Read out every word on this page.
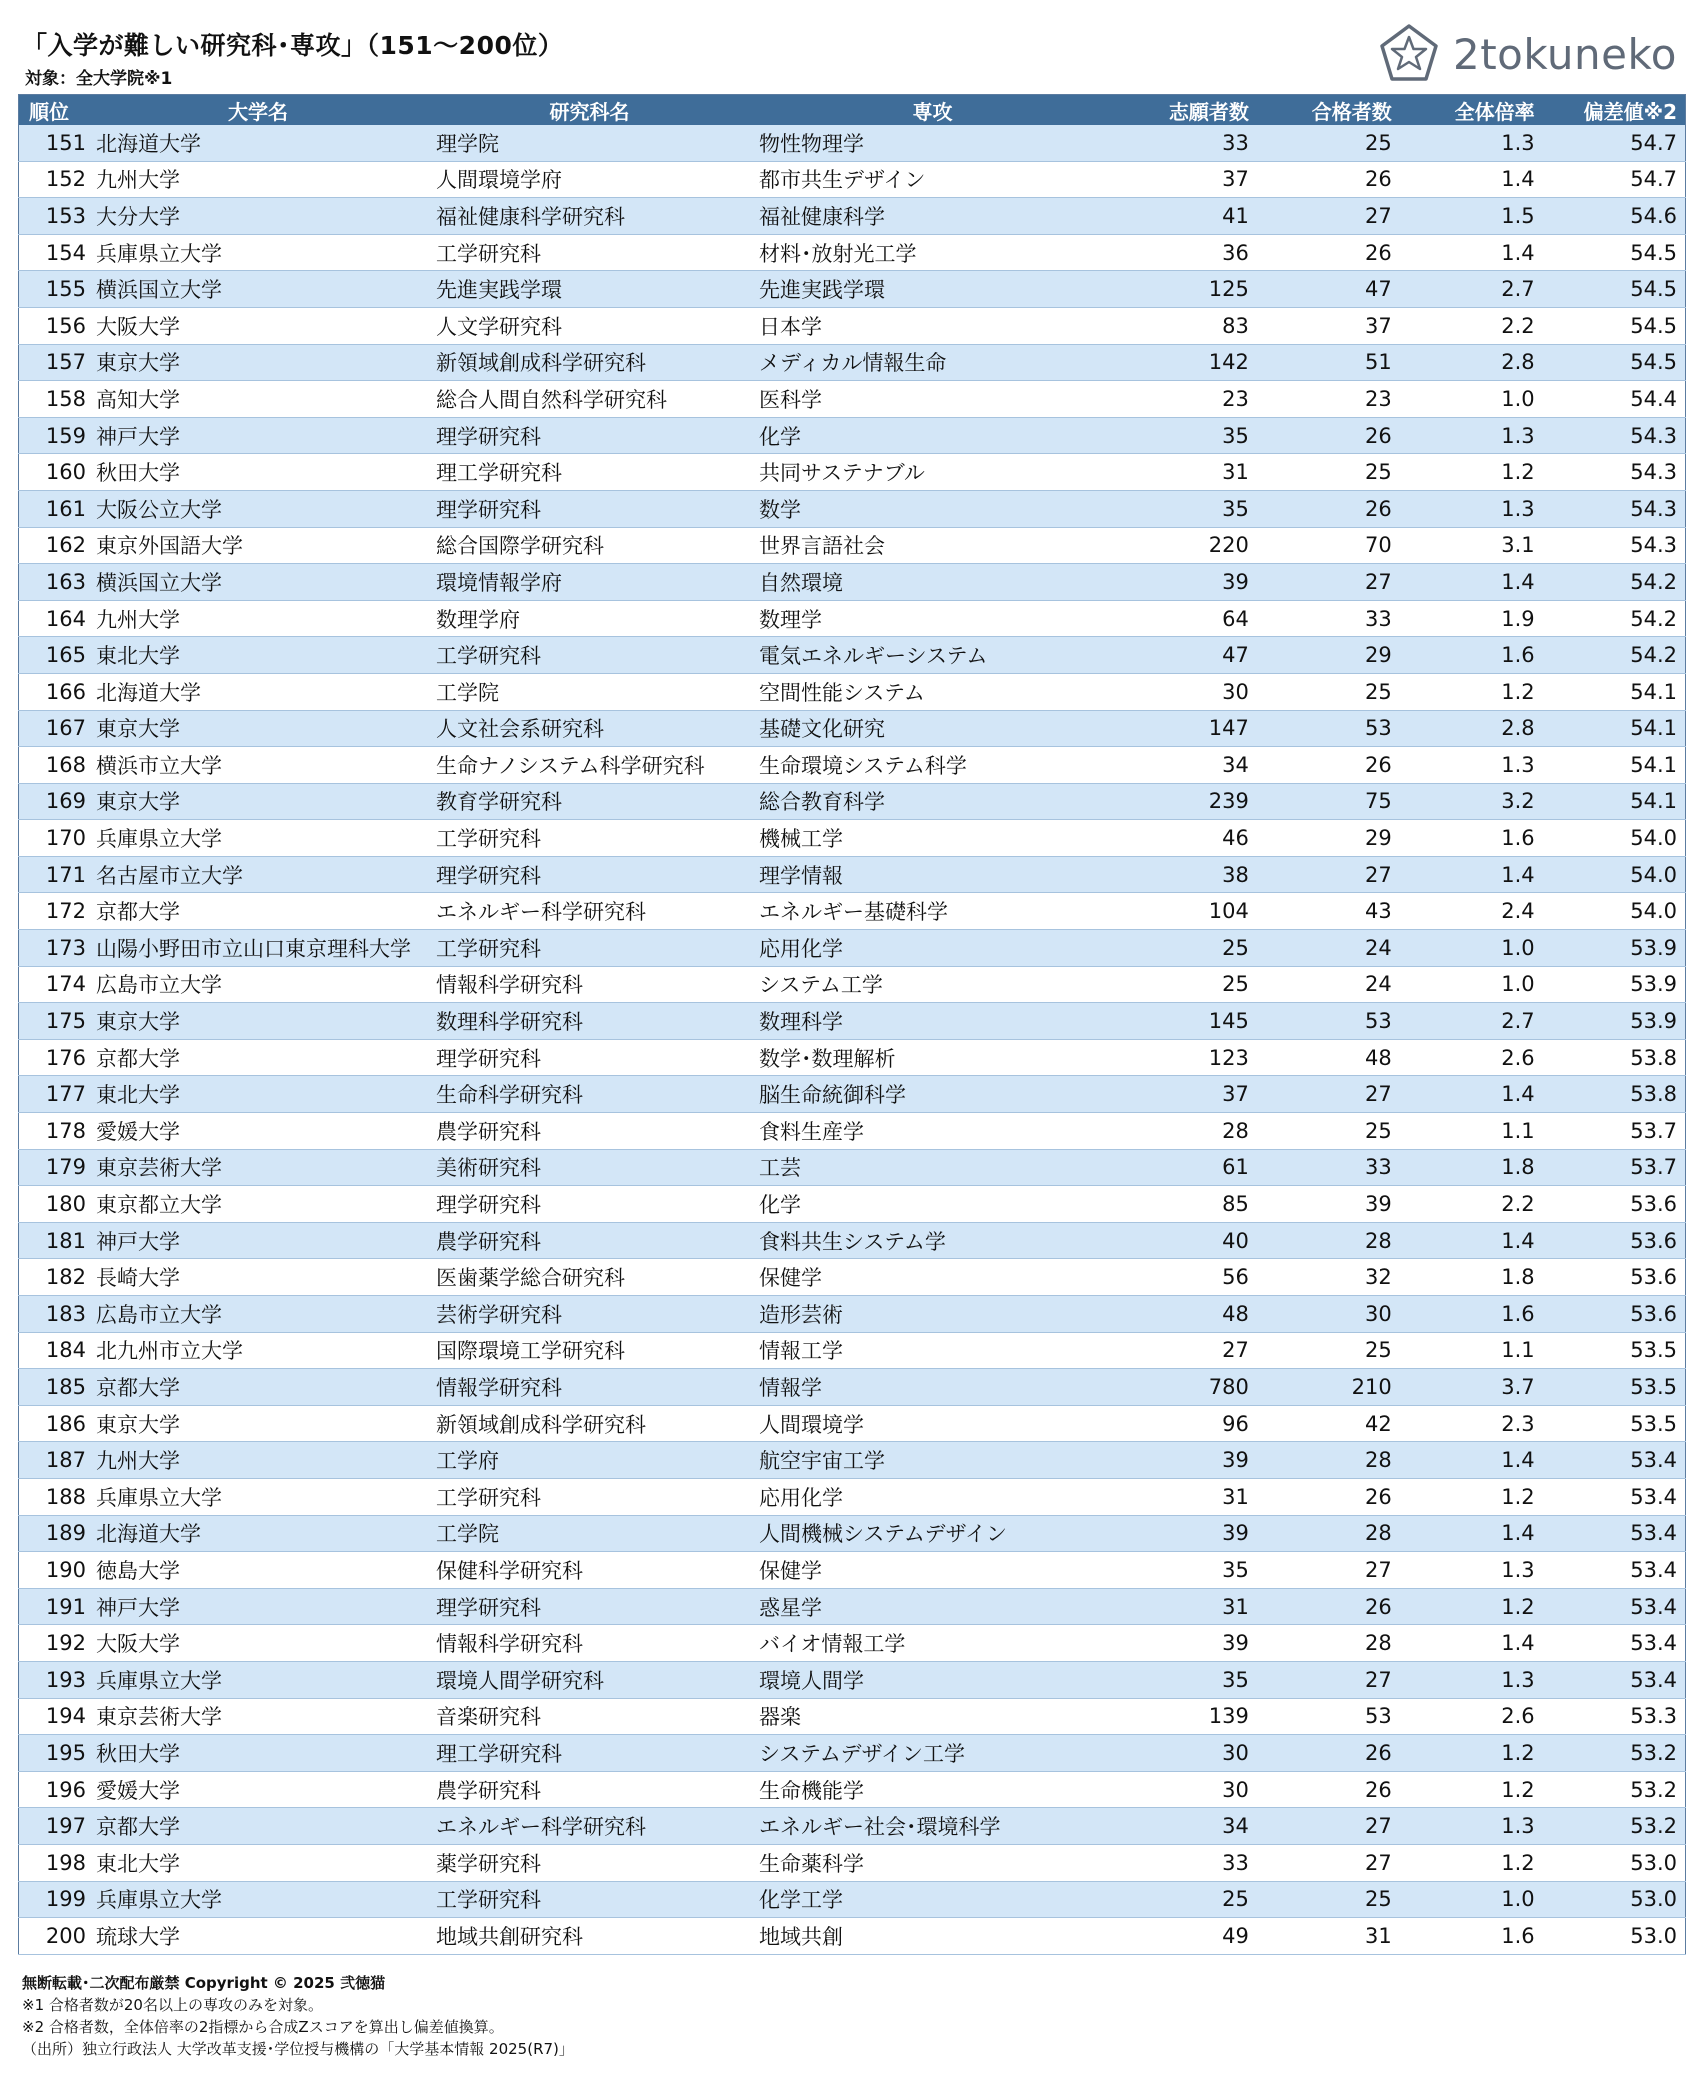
「入学が難しい研究科･専攻」（151～200位）
対象：全大学院※1
2tokuneko
順位	大学名	研究科名	専攻	志願者数	合格者数	全体倍率	偏差値※2
151	北海道大学	理学院	物性物理学	33	25	1.3	54.7
152	九州大学	人間環境学府	都市共生デザイン	37	26	1.4	54.7
153	大分大学	福祉健康科学研究科	福祉健康科学	41	27	1.5	54.6
154	兵庫県立大学	工学研究科	材料･放射光工学	36	26	1.4	54.5
155	横浜国立大学	先進実践学環	先進実践学環	125	47	2.7	54.5
156	大阪大学	人文学研究科	日本学	83	37	2.2	54.5
157	東京大学	新領域創成科学研究科	メディカル情報生命	142	51	2.8	54.5
158	高知大学	総合人間自然科学研究科	医科学	23	23	1.0	54.4
159	神戸大学	理学研究科	化学	35	26	1.3	54.3
160	秋田大学	理工学研究科	共同サステナブル	31	25	1.2	54.3
161	大阪公立大学	理学研究科	数学	35	26	1.3	54.3
162	東京外国語大学	総合国際学研究科	世界言語社会	220	70	3.1	54.3
163	横浜国立大学	環境情報学府	自然環境	39	27	1.4	54.2
164	九州大学	数理学府	数理学	64	33	1.9	54.2
165	東北大学	工学研究科	電気エネルギーシステム	47	29	1.6	54.2
166	北海道大学	工学院	空間性能システム	30	25	1.2	54.1
167	東京大学	人文社会系研究科	基礎文化研究	147	53	2.8	54.1
168	横浜市立大学	生命ナノシステム科学研究科	生命環境システム科学	34	26	1.3	54.1
169	東京大学	教育学研究科	総合教育科学	239	75	3.2	54.1
170	兵庫県立大学	工学研究科	機械工学	46	29	1.6	54.0
171	名古屋市立大学	理学研究科	理学情報	38	27	1.4	54.0
172	京都大学	エネルギー科学研究科	エネルギー基礎科学	104	43	2.4	54.0
173	山陽小野田市立山口東京理科大学	工学研究科	応用化学	25	24	1.0	53.9
174	広島市立大学	情報科学研究科	システム工学	25	24	1.0	53.9
175	東京大学	数理科学研究科	数理科学	145	53	2.7	53.9
176	京都大学	理学研究科	数学･数理解析	123	48	2.6	53.8
177	東北大学	生命科学研究科	脳生命統御科学	37	27	1.4	53.8
178	愛媛大学	農学研究科	食料生産学	28	25	1.1	53.7
179	東京芸術大学	美術研究科	工芸	61	33	1.8	53.7
180	東京都立大学	理学研究科	化学	85	39	2.2	53.6
181	神戸大学	農学研究科	食料共生システム学	40	28	1.4	53.6
182	長崎大学	医歯薬学総合研究科	保健学	56	32	1.8	53.6
183	広島市立大学	芸術学研究科	造形芸術	48	30	1.6	53.6
184	北九州市立大学	国際環境工学研究科	情報工学	27	25	1.1	53.5
185	京都大学	情報学研究科	情報学	780	210	3.7	53.5
186	東京大学	新領域創成科学研究科	人間環境学	96	42	2.3	53.5
187	九州大学	工学府	航空宇宙工学	39	28	1.4	53.4
188	兵庫県立大学	工学研究科	応用化学	31	26	1.2	53.4
189	北海道大学	工学院	人間機械システムデザイン	39	28	1.4	53.4
190	徳島大学	保健科学研究科	保健学	35	27	1.3	53.4
191	神戸大学	理学研究科	惑星学	31	26	1.2	53.4
192	大阪大学	情報科学研究科	バイオ情報工学	39	28	1.4	53.4
193	兵庫県立大学	環境人間学研究科	環境人間学	35	27	1.3	53.4
194	東京芸術大学	音楽研究科	器楽	139	53	2.6	53.3
195	秋田大学	理工学研究科	システムデザイン工学	30	26	1.2	53.2
196	愛媛大学	農学研究科	生命機能学	30	26	1.2	53.2
197	京都大学	エネルギー科学研究科	エネルギー社会･環境科学	34	27	1.3	53.2
198	東北大学	薬学研究科	生命薬科学	33	27	1.2	53.0
199	兵庫県立大学	工学研究科	化学工学	25	25	1.0	53.0
200	琉球大学	地域共創研究科	地域共創	49	31	1.6	53.0
無断転載･二次配布厳禁 Copyright © 2025 弐徳猫
※1 合格者数が20名以上の専攻のみを対象。
※2 合格者数，全体倍率の2指標から合成Zスコアを算出し偏差値換算。
（出所）独立行政法人 大学改革支援･学位授与機構の「大学基本情報 2025(R7)」
